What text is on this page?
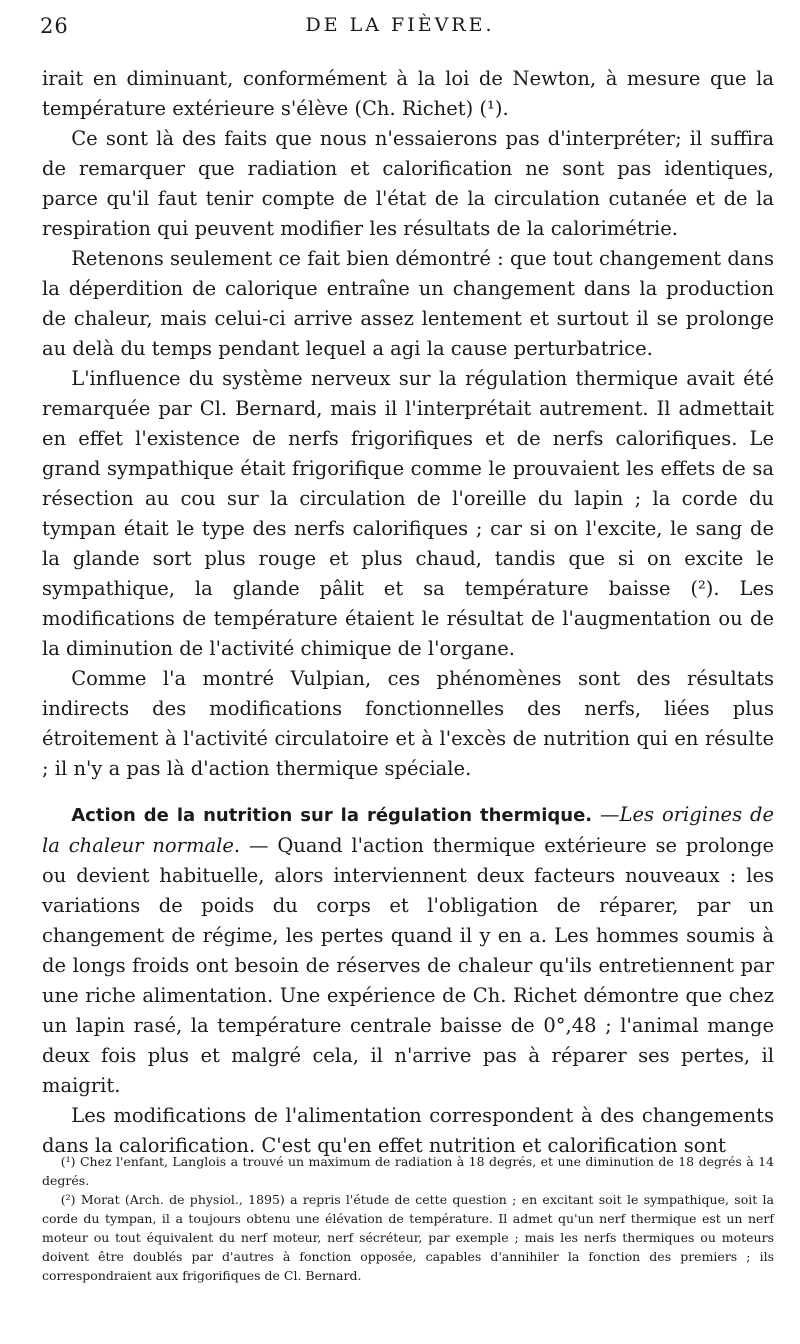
26	DE LA FIÈVRE.

irait en diminuant, conformément à la loi de Newton, à mesure que la température extérieure s'élève (Ch. Richet) (¹).

Ce sont là des faits que nous n'essaierons pas d'interpréter; il suffira de remarquer que radiation et calorification ne sont pas identiques, parce qu'il faut tenir compte de l'état de la circulation cutanée et de la respiration qui peuvent modifier les résultats de la calorimétrie.

Retenons seulement ce fait bien démontré : que tout changement dans la déperdition de calorique entraîne un changement dans la production de chaleur, mais celui-ci arrive assez lentement et surtout il se prolonge au delà du temps pendant lequel a agi la cause perturbatrice.

L'influence du système nerveux sur la régulation thermique avait été remarquée par Cl. Bernard, mais il l'interprétait autrement. Il admettait en effet l'existence de nerfs frigorifiques et de nerfs calorifiques. Le grand sympathique était frigorifique comme le prouvaient les effets de sa résection au cou sur la circulation de l'oreille du lapin ; la corde du tympan était le type des nerfs calorifiques ; car si on l'excite, le sang de la glande sort plus rouge et plus chaud, tandis que si on excite le sympathique, la glande pâlit et sa température baisse (²). Les modifications de température étaient le résultat de l'augmentation ou de la diminution de l'activité chimique de l'organe.

Comme l'a montré Vulpian, ces phénomènes sont des résultats indirects des modifications fonctionnelles des nerfs, liées plus étroitement à l'activité circulatoire et à l'excès de nutrition qui en résulte ; il n'y a pas là d'action thermique spéciale.

Action de la nutrition sur la régulation thermique. —Les origines de la chaleur normale. — Quand l'action thermique extérieure se prolonge ou devient habituelle, alors interviennent deux facteurs nouveaux : les variations de poids du corps et l'obligation de réparer, par un changement de régime, les pertes quand il y en a. Les hommes soumis à de longs froids ont besoin de réserves de chaleur qu'ils entretiennent par une riche alimentation. Une expérience de Ch. Richet démontre que chez un lapin rasé, la température centrale baisse de 0°,48 ; l'animal mange deux fois plus et malgré cela, il n'arrive pas à réparer ses pertes, il maigrit.

Les modifications de l'alimentation correspondent à des changements dans la calorification. C'est qu'en effet nutrition et calorification sont

(¹) Chez l'enfant, Langlois a trouvé un maximum de radiation à 18 degrés, et une diminution de 18 degrés à 14 degrés.

(²) Morat (Arch. de physiol., 1895) a repris l'étude de cette question ; en excitant soit le sympathique, soit la corde du tympan, il a toujours obtenu une élévation de température. Il admet qu'un nerf thermique est un nerf moteur ou tout équivalent du nerf moteur, nerf sécréteur, par exemple ; mais les nerfs thermiques ou moteurs doivent être doublés par d'autres à fonction opposée, capables d'annihiler la fonction des premiers ; ils correspondraient aux frigorifiques de Cl. Bernard.
